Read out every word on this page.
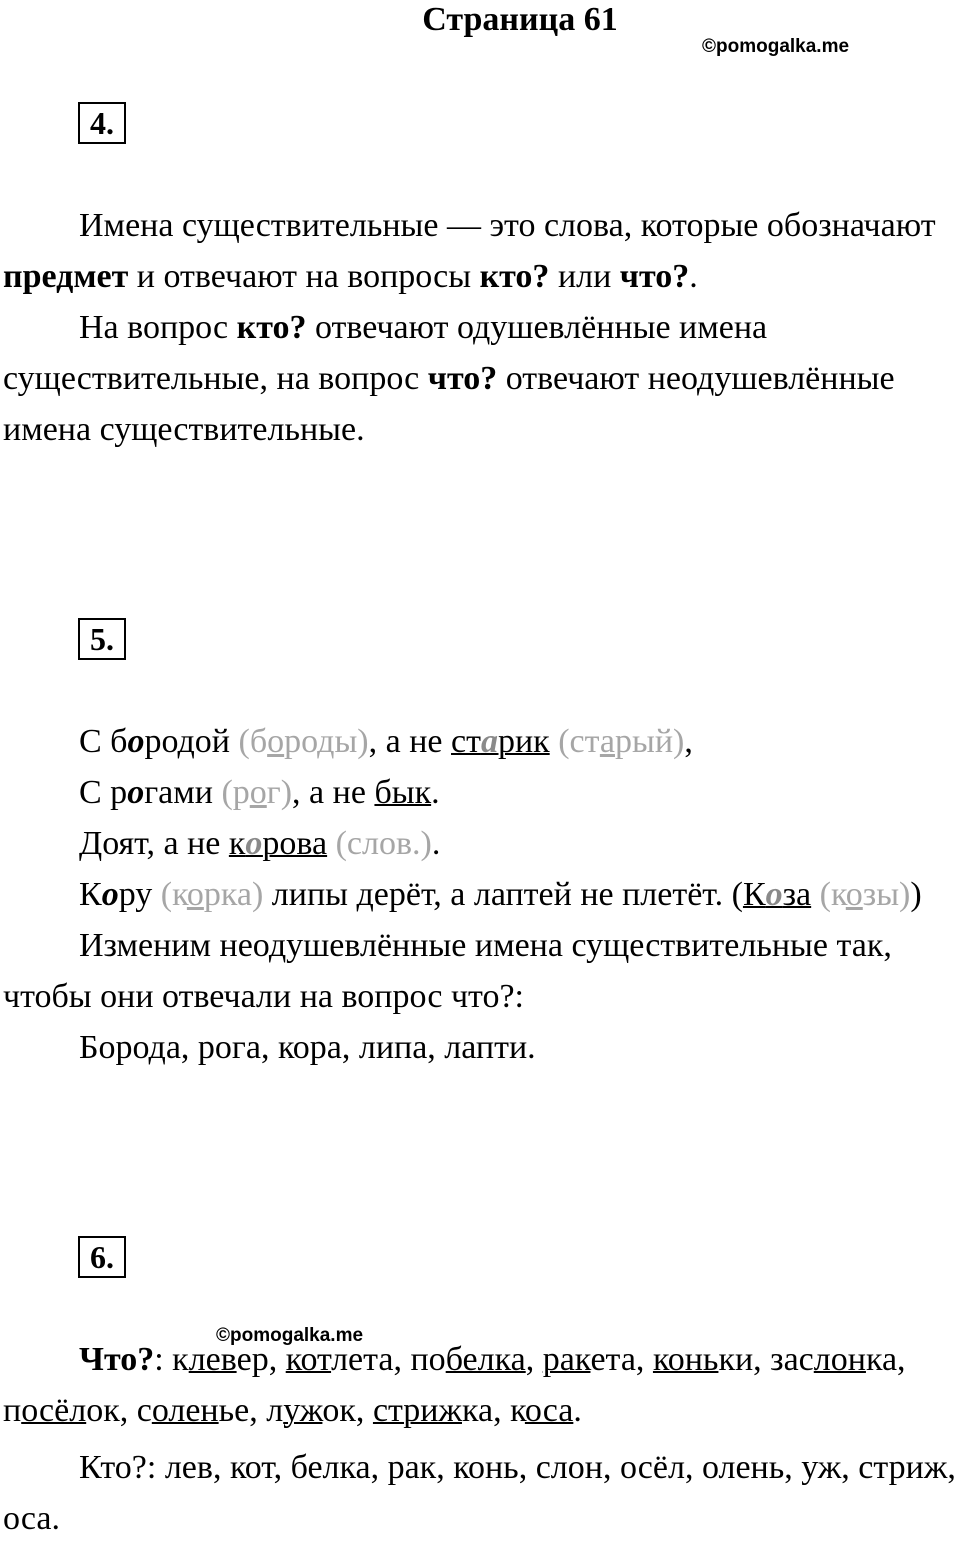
Страница 61
©pomogalka.me
4.

Имена существительные — это слова, которые обозначают предмет и отвечают на вопросы кто? или что?.

На вопрос кто? отвечают одушевлённые имена существительные, на вопрос что? отвечают неодушевлённые имена существительные.

5.

С бородой (бороды), а не старик (старый),

С рогами (рог), а не бык.

Доят, а не корова (слов.).

Кору (корка) липы дерёт, а лаптей не плетёт. (Коза (козы))

Изменим неодушевлённые имена существительные так, чтобы они отвечали на вопрос что?:

Борода, рога, кора, липа, лапти.

6.
©pomogalka.me

Что?: клевер, котлета, побелка, ракета, коньки, заслонка, посёлок, соленье, лужок, стрижка, коса.

Кто?: лев, кот, белка, рак, конь, слон, осёл, олень, уж, стриж, оса.
